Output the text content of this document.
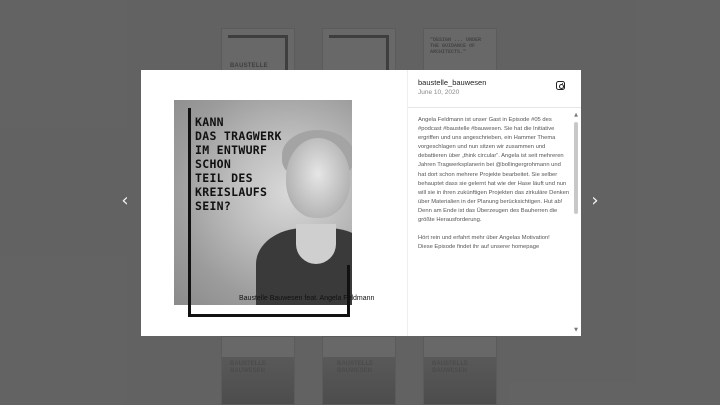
‹	›
KANN
DAS TRAGWERK
IM ENTWURF
SCHON
TEIL DES
KREISLAUFS
SEIN?
Baustelle Bauwesen feat. Angela Feldmann
baustelle_bauwesen
June 10, 2020

Angela Feldmann ist unser Gast in Episode #05 des #podcast #baustelle #bauwesen. Sie hat die Initiative ergriffen und uns angeschrieben, ein Hammer Thema vorgeschlagen und nun sitzen wir zusammen und debattieren über „think circular“. Angela ist seit mehreren Jahren Tragwerksplanerin bei @bollingergrohmann und hat dort schon mehrere Projekte bearbeitet. Sie selber behauptet dass sie gelernt hat wie der Hase läuft und nun will sie in ihren zukünftigen Projekten das zirkuläre Denken über Materialien in der Planung berücksichtigen. Hut ab! Denn am Ende ist das Überzeugen des Bauherren die größte Herausforderung.

Hört rein und erfahrt mehr über Angelas Motivation!
Diese Episode findet ihr auf unserer homepage

▲
▼
